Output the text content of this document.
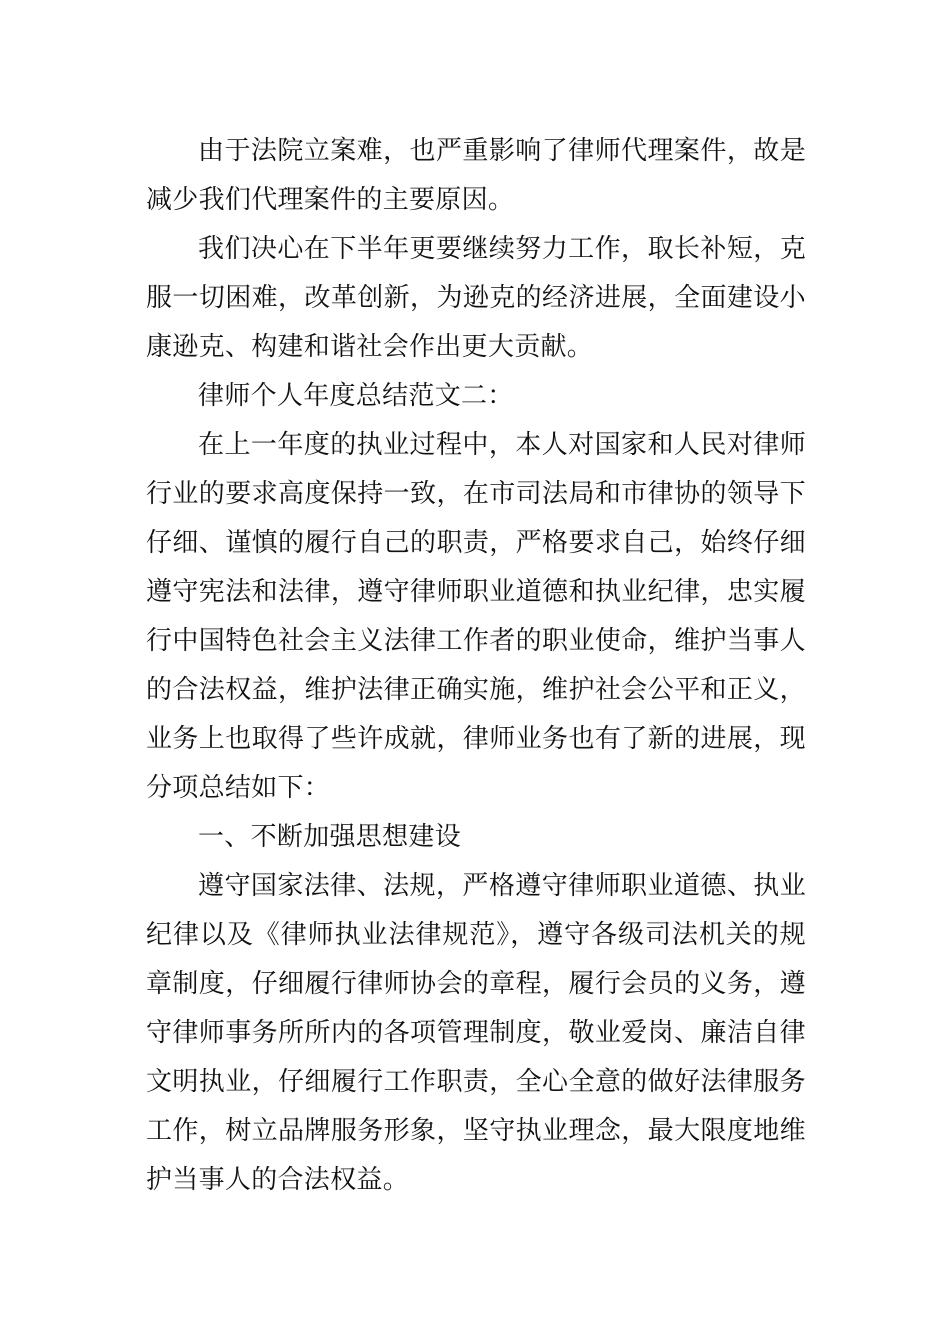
由于法院立案难，也严重影响了律师代理案件，故是减少我们代理案件的主要原因。

我们决心在下半年更要继续努力工作，取长补短，克服一切困难，改革创新，为逊克的经济进展，全面建设小康逊克、构建和谐社会作出更大贡献。

律师个人年度总结范文二：

在上一年度的执业过程中，本人对国家和人民对律师行业的要求高度保持一致，在市司法局和市律协的领导下仔细、谨慎的履行自己的职责，严格要求自己，始终仔细遵守宪法和法律，遵守律师职业道德和执业纪律，忠实履行中国特色社会主义法律工作者的职业使命，维护当事人的合法权益，维护法律正确实施，维护社会公平和正义，业务上也取得了些许成就，律师业务也有了新的进展，现分项总结如下：

一、不断加强思想建设

遵守国家法律、法规，严格遵守律师职业道德、执业纪律以及《律师执业法律规范》，遵守各级司法机关的规章制度，仔细履行律师协会的章程，履行会员的义务，遵守律师事务所所内的各项管理制度，敬业爱岗、廉洁自律文明执业，仔细履行工作职责，全心全意的做好法律服务工作，树立品牌服务形象，坚守执业理念，最大限度地维护当事人的合法权益。
